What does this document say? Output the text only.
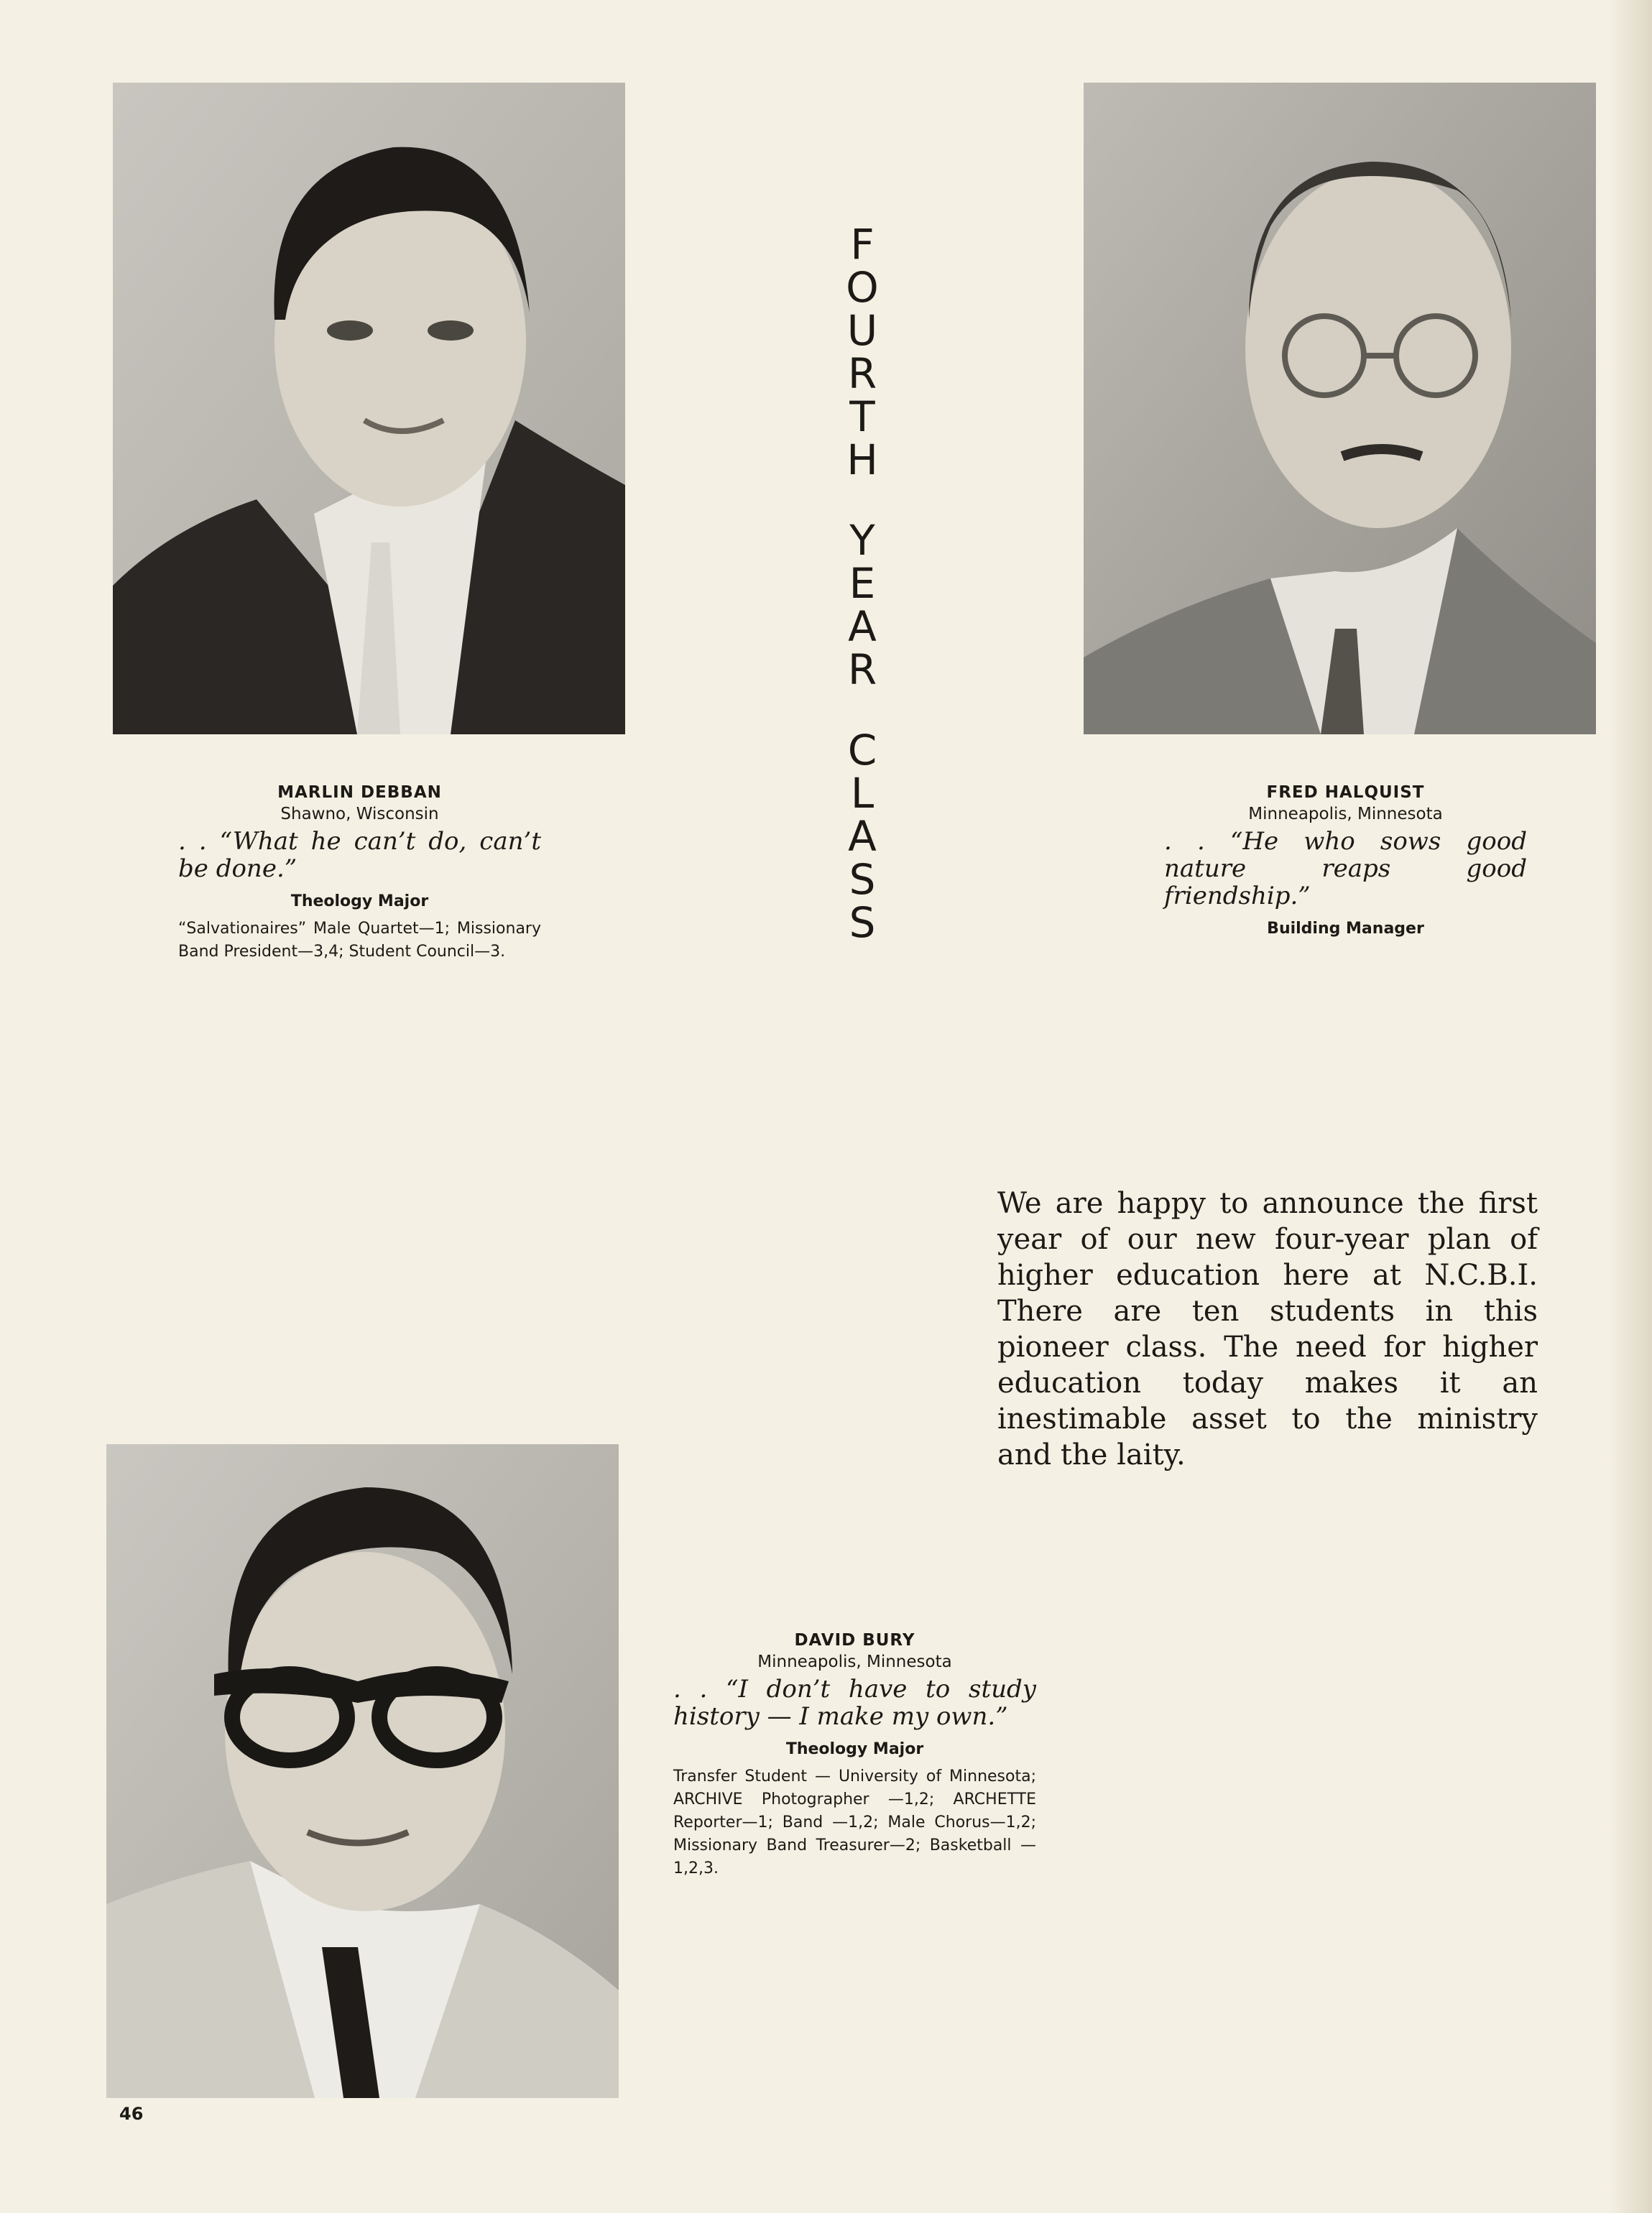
F
O
U
R
T
H
Y
E
A
R
C
L
A
S
S

MARLIN DEBBAN

Shawno, Wisconsin

. . “What he can’t do, can’t be done.”

Theology Major

“Salvationaires” Male Quartet—1; Missionary Band President—3,4; Student Council—3.

FRED HALQUIST

Minneapolis, Minnesota

. . “He who sows good nature reaps good friendship.”

Building Manager

We are happy to announce the first year of our new four-year plan of higher education here at N.C.B.I. There are ten students in this pioneer class. The need for higher education today makes it an inestimable asset to the ministry and the laity.

DAVID BURY

Minneapolis, Minnesota

. . “I don’t have to study history — I make my own.”

Theology Major

Transfer Student — University of Minnesota; ARCHIVE Photographer —1,2; ARCHETTE Reporter—1; Band —1,2; Male Chorus—1,2; Missionary Band Treasurer—2; Basketball —1,2,3.

46
